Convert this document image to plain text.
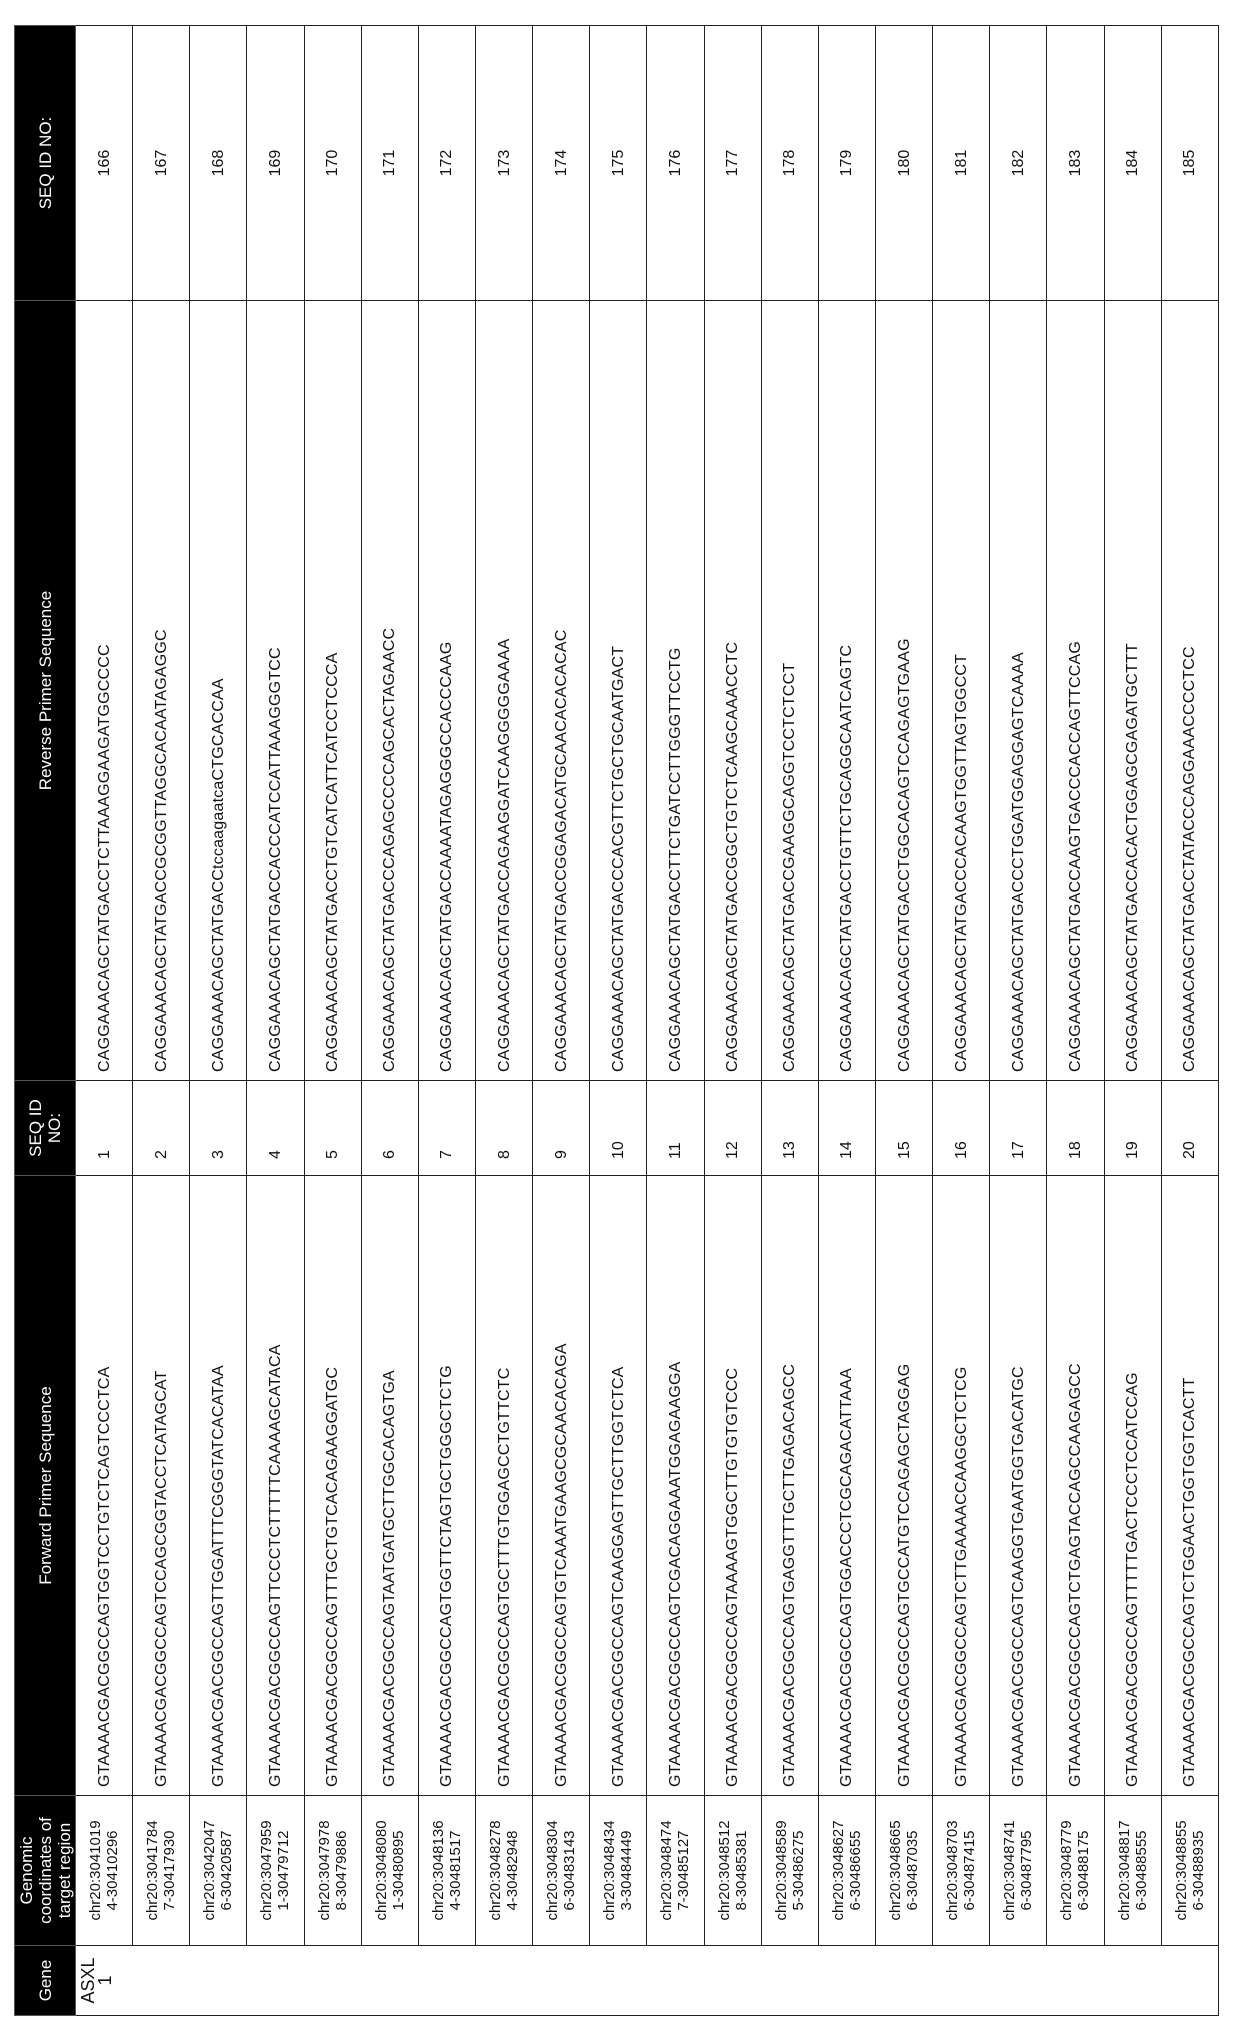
Gene	Genomic coordinates of target region	Forward Primer Sequence	SEQ ID NO:	Reverse Primer Sequence	SEQ ID NO:
ASXL 1	chr20:3041019 4-30410296	GTAAAACGACGGCCAGTGGTCCTGTCTCAGTCCCTCA	1	CAGGAAACAGCTATGACCTCTTAAAGGAAGATGGCCCC	166

	chr20:3041784 7-30417930	GTAAAACGACGGCCAGTCCAGCGGTACCTCATAGCAT	2	CAGGAAACAGCTATGACCGCGGTTAGGCACAATAGAGGC	167

	chr20:3042047 6-30420587	GTAAAACGACGGCCAGTTGGATTTCGGGTATCACATAA	3	CAGGAAACAGCTATGACCtccaagaatcaCTGCACCAA	168

	chr20:3047959 1-30479712	GTAAAACGACGGCCAGTTCCCTCTTTTTCAAAAGCATACA	4	CAGGAAACAGCTATGACCACCCATCCATTAAAGGGTCC	169

	chr20:3047978 8-30479886	GTAAAACGACGGCCAGTTTGCTGTCACAGAAGGATGC	5	CAGGAAACAGCTATGACCTGTCATCATTCATCCTCCCA	170

	chr20:3048080 1-30480895	GTAAAACGACGGCCAGTAATGATGCTTGGCACAGTGA	6	CAGGAAACAGCTATGACCCAGAGCCCCAGCACTAGAACC	171

	chr20:3048136 4-30481517	GTAAAACGACGGCCAGTGGTTCTAGTGCTGGGCTCTG	7	CAGGAAACAGCTATGACCAAAATAGAGGGCCACCCAAG	172

	chr20:3048278 4-30482948	GTAAAACGACGGCCAGTGCTTTGTGGAGCCTGTTCTC	8	CAGGAAACAGCTATGACCAGAAGGATCAAGGGGGAAAA	173

	chr20:3048304 6-30483143	GTAAAACGACGGCCAGTGTCAAATGAAGCGCAACACAGA	9	CAGGAAACAGCTATGACCGGAGACATGCAACACACACAC	174

	chr20:3048434 3-30484449	GTAAAACGACGGCCAGTCAAGGAGTTGCTTGGTCTCA	10	CAGGAAACAGCTATGACCCACGTTCTGCTGCAATGACT	175

	chr20:3048474 7-30485127	GTAAAACGACGGCCAGTCGACAGGAAATGGAGAAGGA	11	CAGGAAACAGCTATGACCTTCTGATCCTTGGGTTCCTG	176

	chr20:3048512 8-30485381	GTAAAACGACGGCCAGTAAAAGTGGCTTGTGTGTCCC	12	CAGGAAACAGCTATGACCGGCTGTCTCAAGCAAACCTC	177

	chr20:3048589 5-30486275	GTAAAACGACGGCCAGTGAGGTTTGCTTGAGACAGCC	13	CAGGAAACAGCTATGACCGAAGGCAGGTCCTCTCCT	178

	chr20:3048627 6-30486655	GTAAAACGACGGCCAGTGGACCCTCGCAGACATTAAA	14	CAGGAAACAGCTATGACCTGTTCTGCAGGCAATCAGTC	179

	chr20:3048665 6-30487035	GTAAAACGACGGCCAGTGCCATGTCCAGAGCTAGGAG	15	CAGGAAACAGCTATGACCTGGCACAGTCCAGAGTGAAG	180

	chr20:3048703 6-30487415	GTAAAACGACGGCCAGTCTTGAAAACCAAGGCTCTCG	16	CAGGAAACAGCTATGACCCACAAGTGGTTAGTGGCCT	181

	chr20:3048741 6-30487795	GTAAAACGACGGCCAGTCAAGGTGAATGGTGACATGC	17	CAGGAAACAGCTATGACCCTGGATGGAGGAGTCAAAA	182

	chr20:3048779 6-30488175	GTAAAACGACGGCCAGTCTGAGTACCAGCCAAGAGCC	18	CAGGAAACAGCTATGACCAAGTGACCCACCAGTTCCAG	183

	chr20:3048817 6-30488555	GTAAAACGACGGCCAGTTTTTGACTCCCTCCATCCAG	19	CAGGAAACAGCTATGACCACACTGGAGCGAGATGCTTT	184

	chr20:3048855 6-30488935	GTAAAACGACGGCCAGTCTGGAACTGGTGGTCACTT	20	CAGGAAACAGCTATGACCTATACCCAGGAAACCCCTCC	185
